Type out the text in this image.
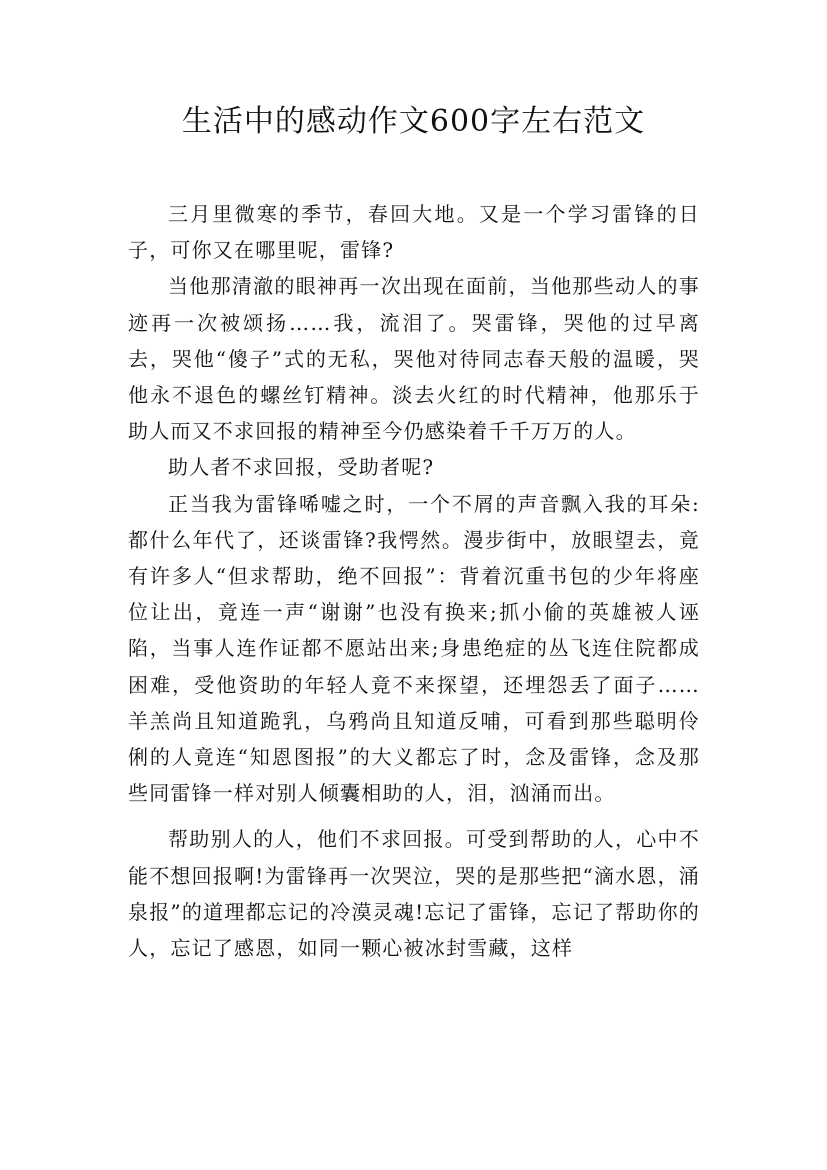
生活中的感动作文600字左右范文

三月里微寒的季节，春回大地。又是一个学习雷锋的日子，可你又在哪里呢，雷锋?

当他那清澈的眼神再一次出现在面前，当他那些动人的事迹再一次被颂扬……我，流泪了。哭雷锋，哭他的过早离去，哭他“傻子”式的无私，哭他对待同志春天般的温暖，哭他永不退色的螺丝钉精神。淡去火红的时代精神，他那乐于助人而又不求回报的精神至今仍感染着千千万万的人。

助人者不求回报，受助者呢?

正当我为雷锋唏嘘之时，一个不屑的声音飘入我的耳朵:都什么年代了，还谈雷锋?我愕然。漫步街中，放眼望去，竟有许多人“但求帮助，绝不回报”：背着沉重书包的少年将座位让出，竟连一声“谢谢”也没有换来;抓小偷的英雄被人诬陷，当事人连作证都不愿站出来;身患绝症的丛飞连住院都成困难，受他资助的年轻人竟不来探望，还埋怨丢了面子……羊羔尚且知道跪乳，乌鸦尚且知道反哺，可看到那些聪明伶俐的人竟连“知恩图报”的大义都忘了时，念及雷锋，念及那些同雷锋一样对别人倾囊相助的人，泪，汹涌而出。

帮助别人的人，他们不求回报。可受到帮助的人，心中不能不想回报啊!为雷锋再一次哭泣，哭的是那些把“滴水恩，涌泉报”的道理都忘记的冷漠灵魂!忘记了雷锋，忘记了帮助你的人，忘记了感恩，如同一颗心被冰封雪藏，这样
